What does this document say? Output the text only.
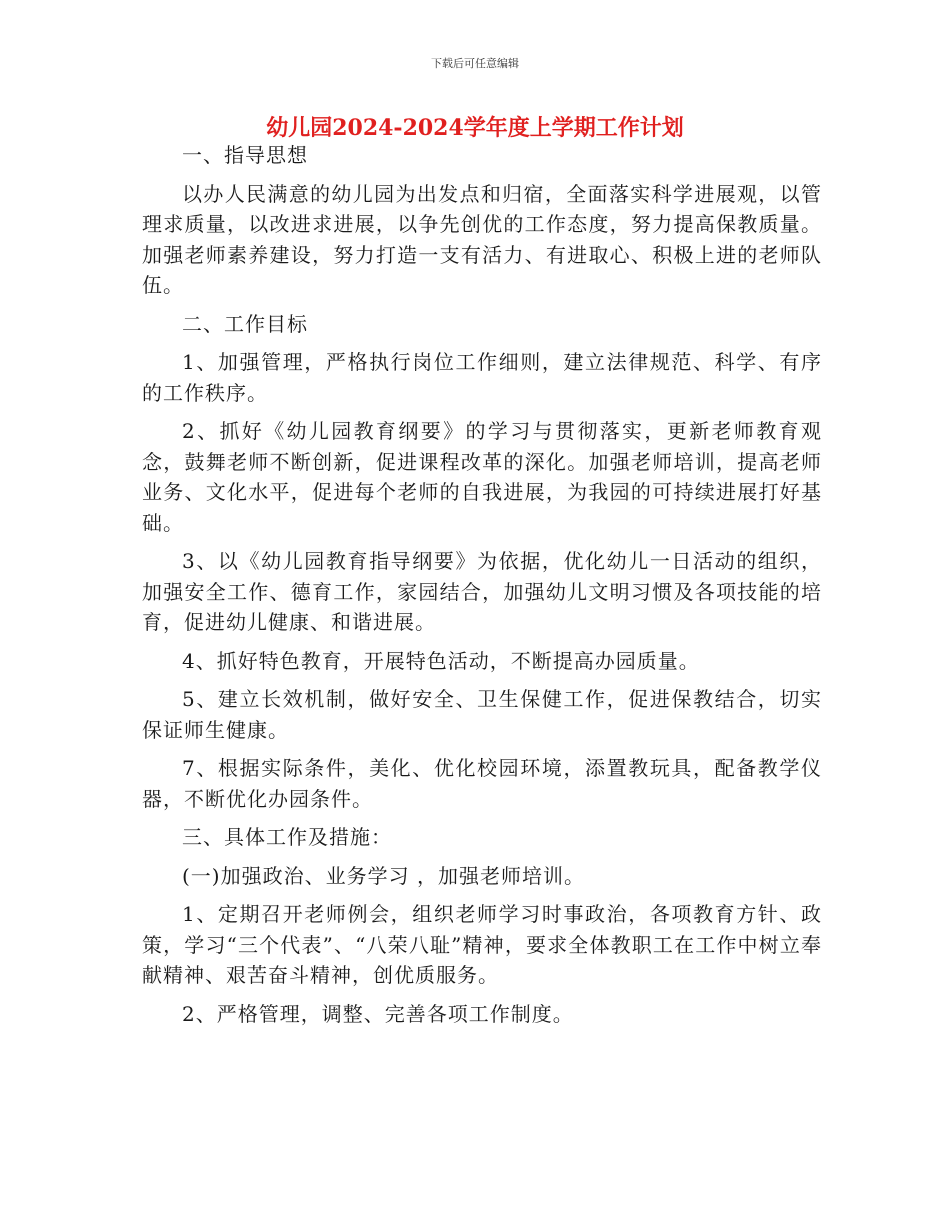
下载后可任意编辑
幼儿园2024-2024学年度上学期工作计划

一、指导思想

以办人民满意的幼儿园为出发点和归宿，全面落实科学进展观，以管理求质量，以改进求进展，以争先创优的工作态度，努力提高保教质量。加强老师素养建设，努力打造一支有活力、有进取心、积极上进的老师队伍。

二、工作目标

1、加强管理，严格执行岗位工作细则，建立法律规范、科学、有序的工作秩序。

2、抓好《幼儿园教育纲要》的学习与贯彻落实，更新老师教育观念，鼓舞老师不断创新，促进课程改革的深化。加强老师培训，提高老师业务、文化水平，促进每个老师的自我进展，为我园的可持续进展打好基础。

3、以《幼儿园教育指导纲要》为依据，优化幼儿一日活动的组织，加强安全工作、德育工作，家园结合，加强幼儿文明习惯及各项技能的培育，促进幼儿健康、和谐进展。

4、抓好特色教育，开展特色活动，不断提高办园质量。

5、建立长效机制，做好安全、卫生保健工作，促进保教结合，切实保证师生健康。

7、根据实际条件，美化、优化校园环境，添置教玩具，配备教学仪器，不断优化办园条件。

三、具体工作及措施：

(一)加强政治、业务学习 ，加强老师培训。

1、定期召开老师例会，组织老师学习时事政治，各项教育方针、政策，学习“三个代表”、“八荣八耻”精神，要求全体教职工在工作中树立奉献精神、艰苦奋斗精神，创优质服务。

2、严格管理，调整、完善各项工作制度。
